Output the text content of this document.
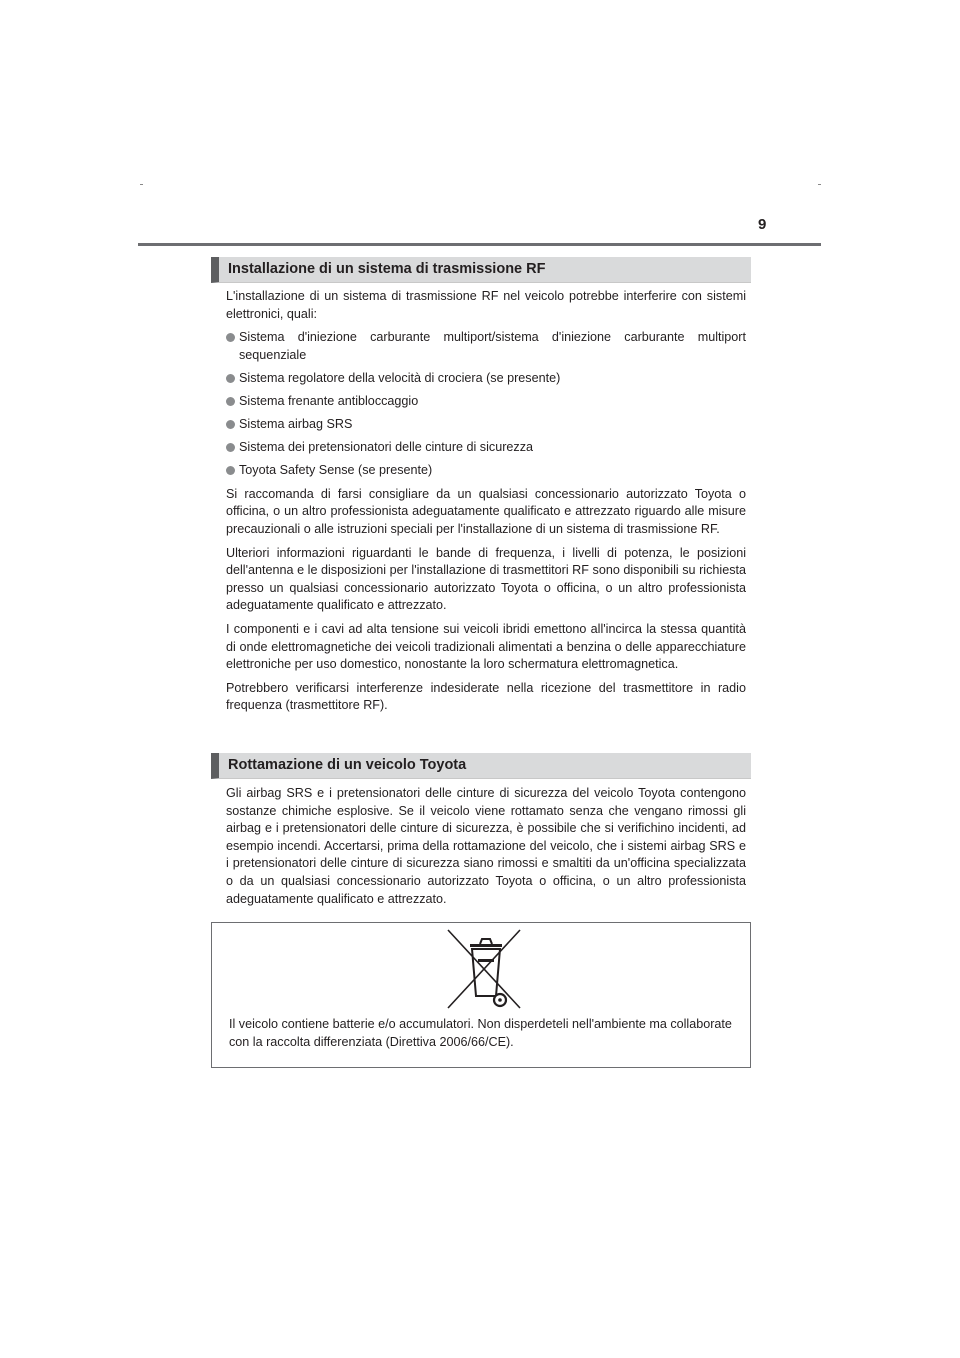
9
Installazione di un sistema di trasmissione RF

L'installazione di un sistema di trasmissione RF nel veicolo potrebbe interferire con sistemi elettronici, quali:

Sistema d'iniezione carburante multiport/sistema d'iniezione carburante multiport sequenziale
Sistema regolatore della velocità di crociera (se presente)
Sistema frenante antibloccaggio
Sistema airbag SRS
Sistema dei pretensionatori delle cinture di sicurezza
Toyota Safety Sense (se presente)

Si raccomanda di farsi consigliare da un qualsiasi concessionario autorizzato Toyota o officina, o un altro professionista adeguatamente qualificato e attrezzato riguardo alle misure precauzionali o alle istruzioni speciali per l'installazione di un sistema di trasmissione RF.

Ulteriori informazioni riguardanti le bande di frequenza, i livelli di potenza, le posizioni dell'antenna e le disposizioni per l'installazione di trasmettitori RF sono disponibili su richiesta presso un qualsiasi concessionario autorizzato Toyota o officina, o un altro professionista adeguatamente qualificato e attrezzato.

I componenti e i cavi ad alta tensione sui veicoli ibridi emettono all'incirca la stessa quantità di onde elettromagnetiche dei veicoli tradizionali alimentati a benzina o delle apparecchiature elettroniche per uso domestico, nonostante la loro schermatura elettromagnetica.

Potrebbero verificarsi interferenze indesiderate nella ricezione del trasmettitore in radio frequenza (trasmettitore RF).

Rottamazione di un veicolo Toyota

Gli airbag SRS e i pretensionatori delle cinture di sicurezza del veicolo Toyota contengono sostanze chimiche esplosive. Se il veicolo viene rottamato senza che vengano rimossi gli airbag e i pretensionatori delle cinture di sicurezza, è possibile che si verifichino incidenti, ad esempio incendi. Accertarsi, prima della rottamazione del veicolo, che i sistemi airbag SRS e i pretensionatori delle cinture di sicurezza siano rimossi e smaltiti da un'officina specializzata o da un qualsiasi concessionario autorizzato Toyota o officina, o un altro professionista adeguatamente qualificato e attrezzato.

Il veicolo contiene batterie e/o accumulatori. Non disperdeteli nell'ambiente ma collaborate con la raccolta differenziata (Direttiva 2006/66/CE).
